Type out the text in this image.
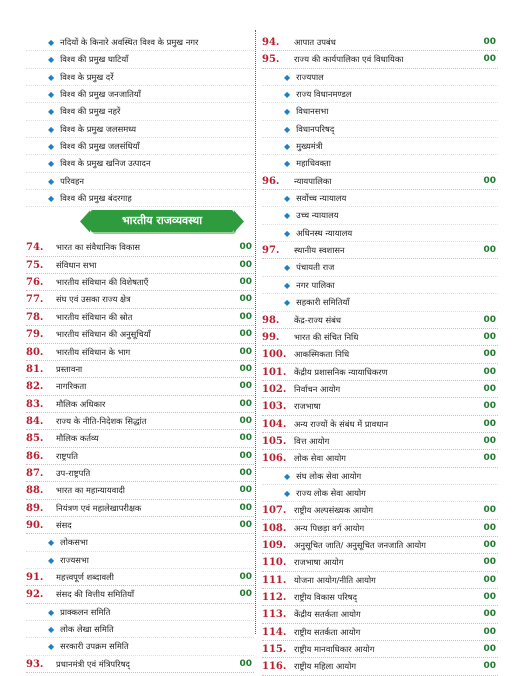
◆ नदियों के किनारे अवस्थित विश्व के प्रमुख नगर
◆ विश्व की प्रमुख घाटियाँ
◆ विश्व के प्रमुख दर्रे
◆ विश्व की प्रमुख जनजातियाँ
◆ विश्व की प्रमुख नहरें
◆ विश्व के प्रमुख जलसमध्य
◆ विश्व की प्रमुख जलसंधियाँ
◆ विश्व के प्रमुख खनिज उत्पादन
◆ परिवहन
◆ विश्व की प्रमुख बंदरगाह
भारतीय राजव्यवस्था
74. भारत का संवैधानिक विकास	00
75. संविधान सभा	00
76. भारतीय संविधान की विशेषताएँ	00
77. संघ एवं उसका राज्य क्षेत्र	00
78. भारतीय संविधान की स्रोत	00
79. भारतीय संविधान की अनुसूचियाँ	00
80. भारतीय संविधान के भाग	00
81. प्रस्तावना	00
82. नागरिकता	00
83. मौलिक अधिकार	00
84. राज्य के नीति-निदेशक सिद्धांत	00
85. मौलिक कर्तव्य	00
86. राष्ट्रपति	00
87. उप-राष्ट्रपति	00
88. भारत का महान्यायवादी	00
89. नियंत्रण एवं महालेखापरीक्षक	00
90. संसद	00
◆ लोकसभा
◆ राज्यसभा
91. महत्त्वपूर्ण शब्दावली	00
92. संसद की वित्तीय समितियाँ	00
◆ प्राक्कलन समिति
◆ लोक लेखा समिति
◆ सरकारी उपक्रम समिति
93. प्रधानमंत्री एवं मंत्रिपरिषद्	00
94. आपात उपबंध	00
95. राज्य की कार्यपालिका एवं विधायिका	00
◆ राज्यपाल
◆ राज्य विधानमण्डल
◆ विधानसभा
◆ विधानपरिषद्
◆ मुख्यमंत्री
◆ महाधिवक्ता
96. न्यायपालिका	00
◆ सर्वोच्च न्यायालय
◆ उच्च न्यायालय
◆ अधिनस्थ न्यायालय
97. स्थानीय स्वशासन	00
◆ पंचायती राज
◆ नगर पालिका
◆ सहकारी समितियाँ
98. केंद्र-राज्य संबंध	00
99. भारत की संचित निधि	00
100. आकस्मिकता निधि	00
101. केंद्रीय प्रशासनिक न्यायाधिकरण	00
102. निर्वाचन आयोग	00
103. राजभाषा	00
104. अन्य राज्यों के संबंध में प्रावधान	00
105. वित्त आयोग	00
106. लोक सेवा आयोग	00
◆ संघ लोक सेवा आयोग
◆ राज्य लोक सेवा आयोग
107. राष्ट्रीय अल्पसंख्यक आयोग	00
108. अन्य पिछड़ा वर्ग आयोग	00
109. अनुसूचित जाति/ अनुसूचित जनजाति आयोग	00
110. राजभाषा आयोग	00
111. योजना आयोग/नीति आयोग	00
112. राष्ट्रीय विकास परिषद्	00
113. केंद्रीय सतर्कता आयोग	00
114. राष्ट्रीय सतर्कता आयोग	00
115. राष्ट्रीय मानवाधिकार आयोग	00
116. राष्ट्रीय महिला आयोग	00
